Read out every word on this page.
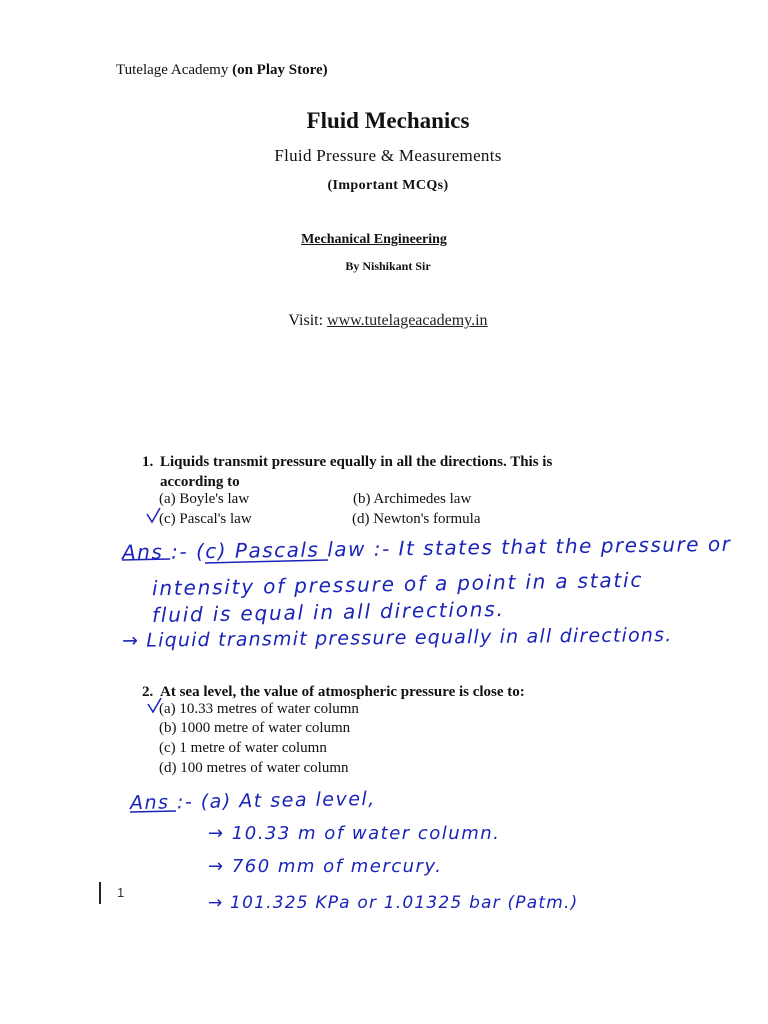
Tutelage Academy (on Play Store)
Fluid Mechanics
Fluid Pressure & Measurements
(Important MCQs)
Mechanical Engineering
By Nishikant Sir
Visit: www.tutelageacademy.in
1. Liquids transmit pressure equally in all the directions. This is
according to
(a) Boyle's law	(b) Archimedes law
(c) Pascal's law	(d) Newton's formula
Ans :- (c) Pascals law :- It states that the pressure or
intensity of pressure of a point in a static
fluid is equal in all directions.
→ Liquid transmit pressure equally in all directions.
2. At sea level, the value of atmospheric pressure is close to:
(a) 10.33 metres of water column
(b) 1000 metre of water column
(c) 1 metre of water column
(d) 100 metres of water column
Ans :- (a) At sea level,
→ 10.33 m of water column.
→ 760 mm of mercury.
→ 101.325 KPa or 1.01325 bar (Patm.)
1
